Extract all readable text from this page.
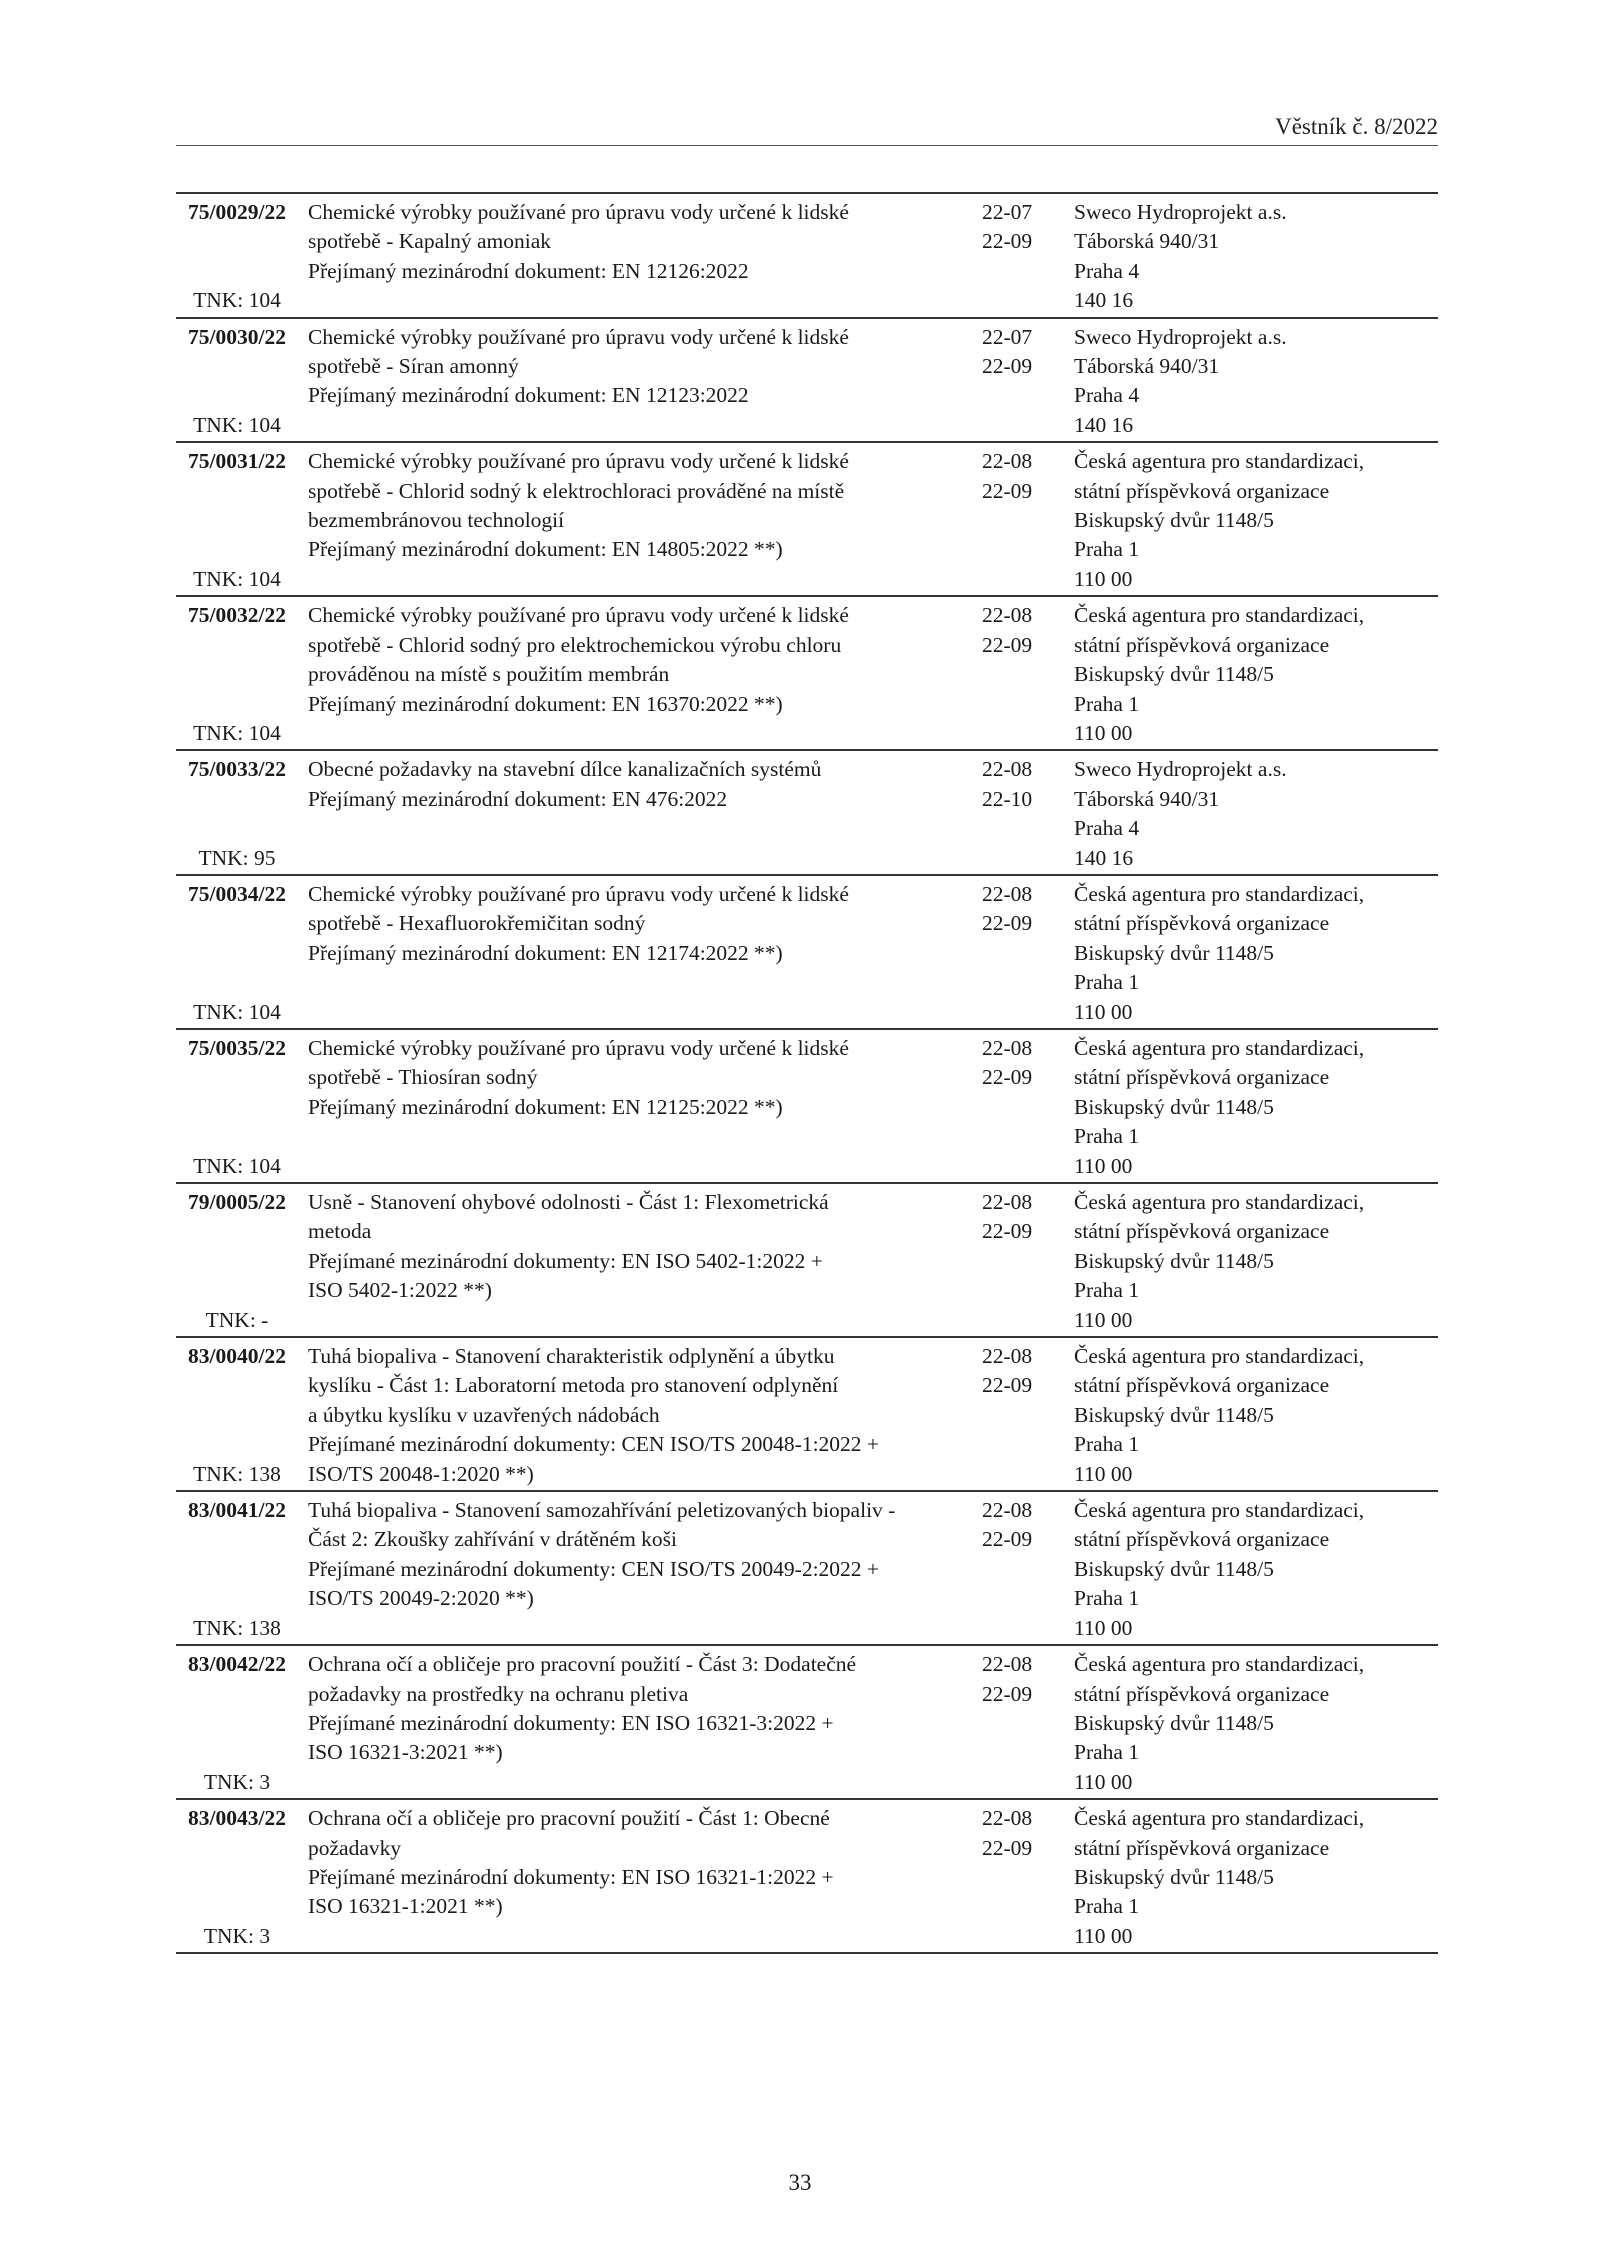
Věstník č. 8/2022
75/0029/22
TNK: 104
Chemické výrobky používané pro úpravu vody určené k lidské
spotřebě - Kapalný amoniak
Přejímaný mezinárodní dokument: EN 12126:2022
22-07
22-09
Sweco Hydroprojekt a.s.
Táborská 940/31
Praha 4
140 16
75/0030/22
TNK: 104
Chemické výrobky používané pro úpravu vody určené k lidské
spotřebě - Síran amonný
Přejímaný mezinárodní dokument: EN 12123:2022
22-07
22-09
Sweco Hydroprojekt a.s.
Táborská 940/31
Praha 4
140 16
75/0031/22
TNK: 104
Chemické výrobky používané pro úpravu vody určené k lidské
spotřebě - Chlorid sodný k elektrochloraci prováděné na místě
bezmembránovou technologií
Přejímaný mezinárodní dokument: EN 14805:2022 **)
22-08
22-09
Česká agentura pro standardizaci,
státní příspěvková organizace
Biskupský dvůr 1148/5
Praha 1
110 00
75/0032/22
TNK: 104
Chemické výrobky používané pro úpravu vody určené k lidské
spotřebě - Chlorid sodný pro elektrochemickou výrobu chloru
prováděnou na místě s použitím membrán
Přejímaný mezinárodní dokument: EN 16370:2022 **)
22-08
22-09
Česká agentura pro standardizaci,
státní příspěvková organizace
Biskupský dvůr 1148/5
Praha 1
110 00
75/0033/22
TNK: 95
Obecné požadavky na stavební dílce kanalizačních systémů
Přejímaný mezinárodní dokument: EN 476:2022
22-08
22-10
Sweco Hydroprojekt a.s.
Táborská 940/31
Praha 4
140 16
75/0034/22
TNK: 104
Chemické výrobky používané pro úpravu vody určené k lidské
spotřebě - Hexafluorokřemičitan sodný
Přejímaný mezinárodní dokument: EN 12174:2022 **)
22-08
22-09
Česká agentura pro standardizaci,
státní příspěvková organizace
Biskupský dvůr 1148/5
Praha 1
110 00
75/0035/22
TNK: 104
Chemické výrobky používané pro úpravu vody určené k lidské
spotřebě - Thiosíran sodný
Přejímaný mezinárodní dokument: EN 12125:2022 **)
22-08
22-09
Česká agentura pro standardizaci,
státní příspěvková organizace
Biskupský dvůr 1148/5
Praha 1
110 00
79/0005/22
TNK: -
Usně - Stanovení ohybové odolnosti - Část 1: Flexometrická
metoda
Přejímané mezinárodní dokumenty: EN ISO 5402-1:2022 +
ISO 5402-1:2022 **)
22-08
22-09
Česká agentura pro standardizaci,
státní příspěvková organizace
Biskupský dvůr 1148/5
Praha 1
110 00
83/0040/22
TNK: 138
Tuhá biopaliva - Stanovení charakteristik odplynění a úbytku
kyslíku - Část 1: Laboratorní metoda pro stanovení odplynění
a úbytku kyslíku v uzavřených nádobách
Přejímané mezinárodní dokumenty: CEN ISO/TS 20048-1:2022 +
ISO/TS 20048-1:2020 **)
22-08
22-09
Česká agentura pro standardizaci,
státní příspěvková organizace
Biskupský dvůr 1148/5
Praha 1
110 00
83/0041/22
TNK: 138
Tuhá biopaliva - Stanovení samozahřívání peletizovaných biopaliv -
Část 2: Zkoušky zahřívání v drátěném koši
Přejímané mezinárodní dokumenty: CEN ISO/TS 20049-2:2022 +
ISO/TS 20049-2:2020 **)
22-08
22-09
Česká agentura pro standardizaci,
státní příspěvková organizace
Biskupský dvůr 1148/5
Praha 1
110 00
83/0042/22
TNK: 3
Ochrana očí a obličeje pro pracovní použití - Část 3: Dodatečné
požadavky na prostředky na ochranu pletiva
Přejímané mezinárodní dokumenty: EN ISO 16321-3:2022 +
ISO 16321-3:2021 **)
22-08
22-09
Česká agentura pro standardizaci,
státní příspěvková organizace
Biskupský dvůr 1148/5
Praha 1
110 00
83/0043/22
TNK: 3
Ochrana očí a obličeje pro pracovní použití - Část 1: Obecné
požadavky
Přejímané mezinárodní dokumenty: EN ISO 16321-1:2022 +
ISO 16321-1:2021 **)
22-08
22-09
Česká agentura pro standardizaci,
státní příspěvková organizace
Biskupský dvůr 1148/5
Praha 1
110 00
33
